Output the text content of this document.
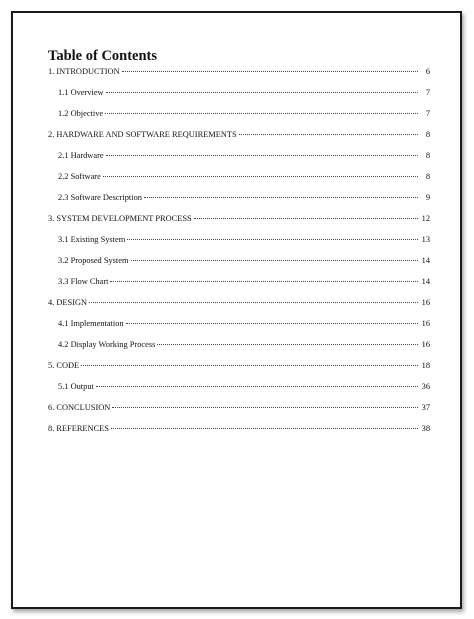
Table of Contents
1. INTRODUCTION	6
1.1 Overview	7
1.2 Objective	7
2. HARDWARE AND SOFTWARE REQUIREMENTS	8
2.1 Hardware	8
2.2 Software	8
2.3 Software Description	9
3. SYSTEM DEVELOPMENT PROCESS	12
3.1 Existing System	13
3.2 Proposed System	14
3.3 Flow Chart	14
4. DESIGN	16
4.1 Implementation	16
4.2 Display Working Process	16
5. CODE	18
5.1 Output	36
6. CONCLUSION	37
8. REFERENCES	38
